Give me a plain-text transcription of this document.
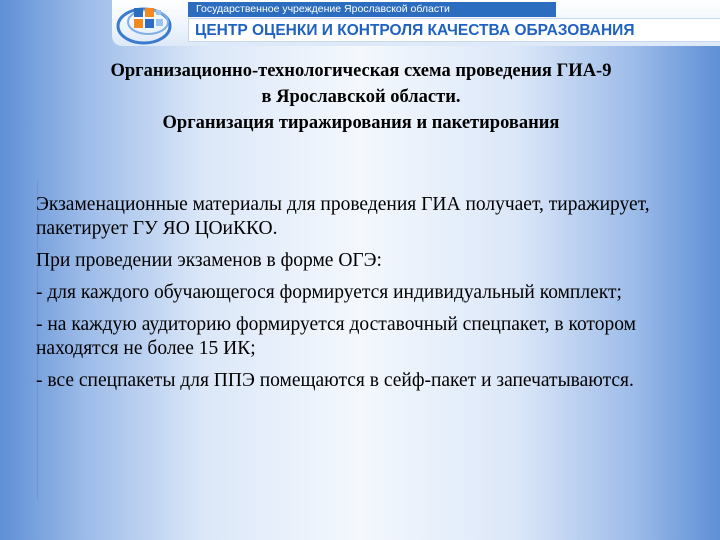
Государственное учреждение Ярославской области
ЦЕНТР ОЦЕНКИ И КОНТРОЛЯ КАЧЕСТВА ОБРАЗОВАНИЯ
Организационно-технологическая схема проведения ГИА-9
в Ярославской области.
Организация тиражирования и пакетирования

Экзаменационные материалы для проведения ГИА получает, тиражирует, пакетирует ГУ ЯО ЦОиККО.

При проведении экзаменов в форме ОГЭ:

- для каждого обучающегося формируется индивидуальный комплект;

- на каждую аудиторию формируется доставочный спецпакет, в котором находятся не более 15 ИК;

- все спецпакеты для ППЭ помещаются в сейф-пакет и запечатываются.
